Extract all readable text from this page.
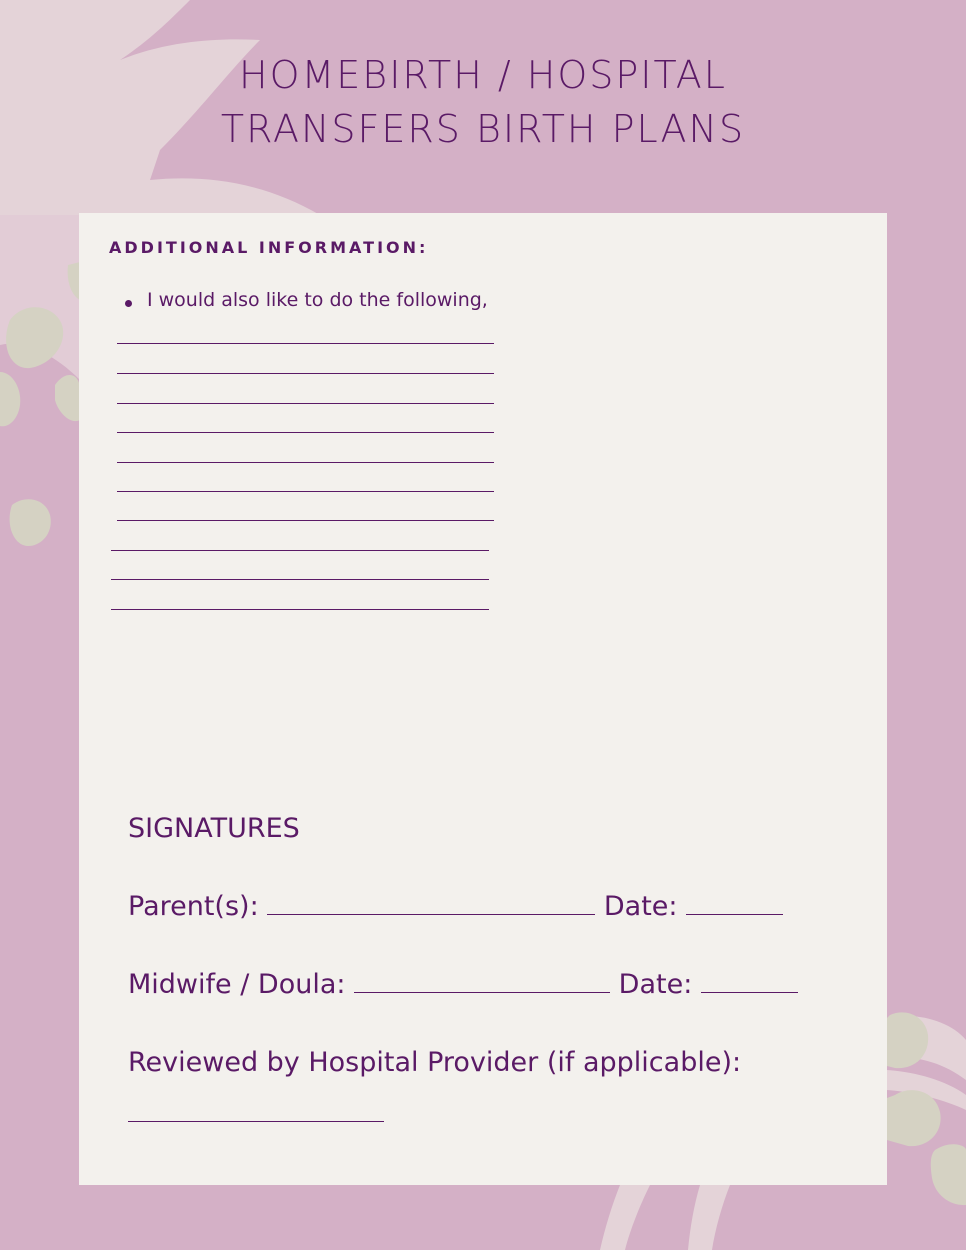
HOMEBIRTH / HOSPITAL
TRANSFERS BIRTH PLANS
ADDITIONAL INFORMATION:
I would also like to do the following,
SIGNATURES
Parent(s):	Date:
Midwife / Doula:	Date:
Reviewed by Hospital Provider (if applicable):
